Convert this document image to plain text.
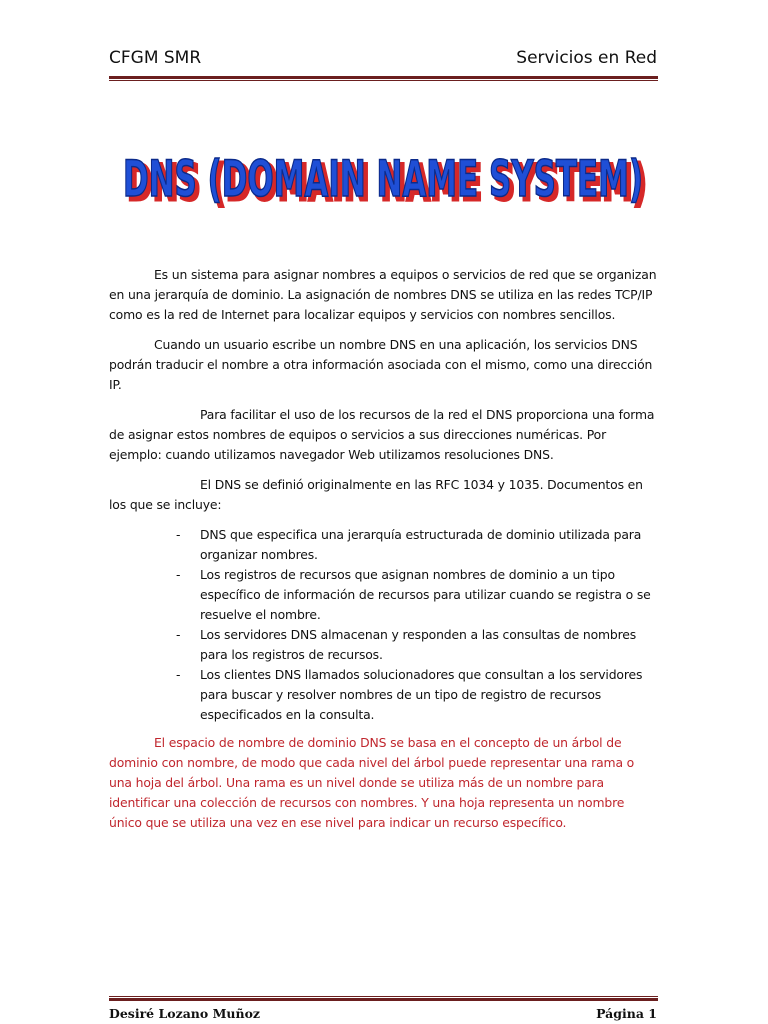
CFGM SMR	Servicios en Red
DNS (DOMAIN NAME SYSTEM)
DNS (DOMAIN NAME SYSTEM)

Es un sistema para asignar nombres a equipos o servicios de red que se organizan en una jerarquía de dominio. La asignación de nombres DNS se utiliza en las redes TCP/IP como es la red de Internet para localizar equipos y servicios con nombres sencillos.

Cuando un usuario escribe un nombre DNS en una aplicación, los servicios DNS podrán traducir el nombre a otra información asociada con el mismo, como una dirección IP.

Para facilitar el uso de los recursos de la red el DNS proporciona una forma de asignar estos nombres de equipos o servicios a sus direcciones numéricas. Por ejemplo: cuando utilizamos navegador Web utilizamos resoluciones DNS.

El DNS se definió originalmente en las RFC 1034 y 1035. Documentos en los que se incluye:

- DNS que especifica una jerarquía estructurada de dominio utilizada para organizar nombres.
- Los registros de recursos que asignan nombres de dominio a un tipo específico de información de recursos para utilizar cuando se registra o se resuelve el nombre.
- Los servidores DNS almacenan y responden a las consultas de nombres para los registros de recursos.
- Los clientes DNS llamados solucionadores que consultan a los servidores para buscar y resolver nombres de un tipo de registro de recursos especificados en la consulta.

El espacio de nombre de dominio DNS se basa en el concepto de un árbol de dominio con nombre, de modo que cada nivel del árbol puede representar una rama o una hoja del árbol. Una rama es un nivel donde se utiliza más de un nombre para identificar una colección de recursos con nombres. Y una hoja representa un nombre único que se utiliza una vez en ese nivel para indicar un recurso específico.

Desiré Lozano Muñoz	Página 1
